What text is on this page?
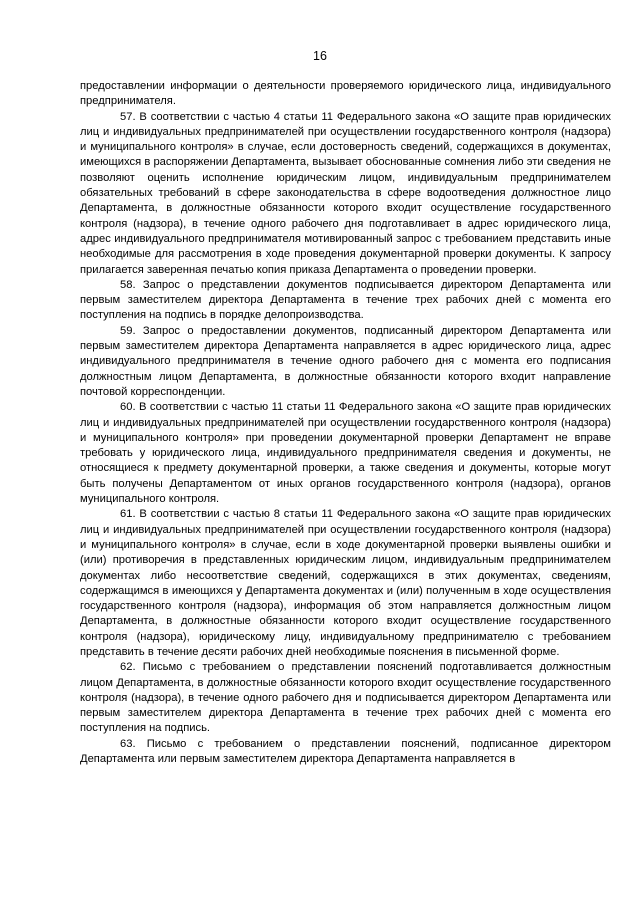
16

предоставлении информации о деятельности проверяемого юридического лица, индивидуального предпринимателя.

57. В соответствии с частью 4 статьи 11 Федерального закона «О защите прав юридических лиц и индивидуальных предпринимателей при осуществлении государственного контроля (надзора) и муниципального контроля» в случае, если достоверность сведений, содержащихся в документах, имеющихся в распоряжении Департамента, вызывает обоснованные сомнения либо эти сведения не позволяют оценить исполнение юридическим лицом, индивидуальным предпринимателем обязательных требований в сфере законодательства в сфере водоотведения должностное лицо Департамента, в должностные обязанности которого входит осуществление государственного контроля (надзора), в течение одного рабочего дня подготавливает в адрес юридического лица, адрес индивидуального предпринимателя мотивированный запрос с требованием представить иные необходимые для рассмотрения в ходе проведения документарной проверки документы. К запросу прилагается заверенная печатью копия приказа Департамента о проведении проверки.

58. Запрос о представлении документов подписывается директором Департамента или первым заместителем директора Департамента в течение трех рабочих дней с момента его поступления на подпись в порядке делопроизводства.

59. Запрос о предоставлении документов, подписанный директором Департамента или первым заместителем директора Департамента направляется в адрес юридического лица, адрес индивидуального предпринимателя в течение одного рабочего дня с момента его подписания должностным лицом Департамента, в должностные обязанности которого входит направление почтовой корреспонденции.

60. В соответствии с частью 11 статьи 11 Федерального закона «О защите прав юридических лиц и индивидуальных предпринимателей при осуществлении государственного контроля (надзора) и муниципального контроля» при проведении документарной проверки Департамент не вправе требовать у юридического лица, индивидуального предпринимателя сведения и документы, не относящиеся к предмету документарной проверки, а также сведения и документы, которые могут быть получены Департаментом от иных органов государственного контроля (надзора), органов муниципального контроля.

61. В соответствии с частью 8 статьи 11 Федерального закона «О защите прав юридических лиц и индивидуальных предпринимателей при осуществлении государственного контроля (надзора) и муниципального контроля» в случае, если в ходе документарной проверки выявлены ошибки и (или) противоречия в представленных юридическим лицом, индивидуальным предпринимателем документах либо несоответствие сведений, содержащихся в этих документах, сведениям, содержащимся в имеющихся у Департамента документах и (или) полученным в ходе осуществления государственного контроля (надзора), информация об этом направляется должностным лицом Департамента, в должностные обязанности которого входит осуществление государственного контроля (надзора), юридическому лицу, индивидуальному предпринимателю с требованием представить в течение десяти рабочих дней необходимые пояснения в письменной форме.

62. Письмо с требованием о представлении пояснений подготавливается должностным лицом Департамента, в должностные обязанности которого входит осуществление государственного контроля (надзора), в течение одного рабочего дня и подписывается директором Департамента или первым заместителем директора Департамента в течение трех рабочих дней с момента его поступления на подпись.

63. Письмо с требованием о представлении пояснений, подписанное директором Департамента или первым заместителем директора Департамента направляется в
